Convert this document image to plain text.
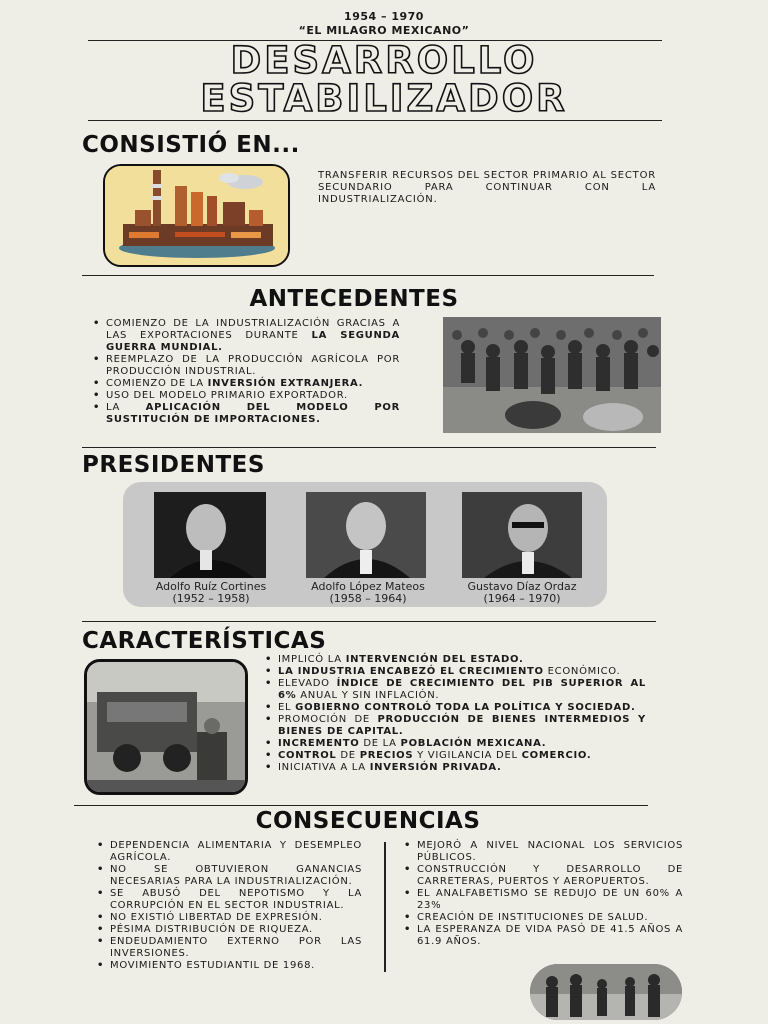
1954 – 1970
“EL MILAGRO MEXICANO”
DESARROLLO
ESTABILIZADOR
CONSISTIÓ EN...
TRANSFERIR RECURSOS DEL SECTOR PRIMARIO AL SECTOR SECUNDARIO PARA CONTINUAR CON LA INDUSTRIALIZACIÓN.
ANTECEDENTES
• COMIENZO DE LA INDUSTRIALIZACIÓN GRACIAS A LAS EXPORTACIONES DURANTE LA SEGUNDA GUERRA MUNDIAL.
• REEMPLAZO DE LA PRODUCCIÓN AGRÍCOLA POR PRODUCCIÓN INDUSTRIAL.
• COMIENZO DE LA INVERSIÓN EXTRANJERA.
• USO DEL MODELO PRIMARIO EXPORTADOR.
• LA APLICACIÓN DEL MODELO POR SUSTITUCIÓN DE IMPORTACIONES.
PRESIDENTES
Adolfo Ruíz Cortines
(1952 – 1958)
Adolfo López Mateos
(1958 – 1964)
Gustavo Díaz Ordaz
(1964 – 1970)
CARACTERÍSTICAS
• IMPLICÓ LA INTERVENCIÓN DEL ESTADO.
• LA INDUSTRIA ENCABEZÓ EL CRECIMIENTO ECONÓMICO.
• ELEVADO ÍNDICE DE CRECIMIENTO DEL PIB SUPERIOR AL 6% ANUAL Y SIN INFLACIÓN.
• EL GOBIERNO CONTROLÓ TODA LA POLÍTICA Y SOCIEDAD.
• PROMOCIÓN DE PRODUCCIÓN DE BIENES INTERMEDIOS Y BIENES DE CAPITAL.
• INCREMENTO DE LA POBLACIÓN MEXICANA.
• CONTROL DE PRECIOS Y VIGILANCIA DEL COMERCIO.
• INICIATIVA A LA INVERSIÓN PRIVADA.
CONSECUENCIAS
• DEPENDENCIA ALIMENTARIA Y DESEMPLEO AGRÍCOLA.
• NO SE OBTUVIERON GANANCIAS NECESARIAS PARA LA INDUSTRIALIZACIÓN.
• SE ABUSÓ DEL NEPOTISMO Y LA CORRUPCIÓN EN EL SECTOR INDUSTRIAL.
• NO EXISTIÓ LIBERTAD DE EXPRESIÓN.
• PÉSIMA DISTRIBUCIÓN DE RIQUEZA.
• ENDEUDAMIENTO EXTERNO POR LAS INVERSIONES.
• MOVIMIENTO ESTUDIANTIL DE 1968.
• MEJORÓ A NIVEL NACIONAL LOS SERVICIOS PÚBLICOS.
• CONSTRUCCIÓN Y DESARROLLO DE CARRETERAS, PUERTOS Y AEROPUERTOS.
• EL ANALFABETISMO SE REDUJO DE UN 60% A 23%
• CREACIÓN DE INSTITUCIONES DE SALUD.
• LA ESPERANZA DE VIDA PASÓ DE 41.5 AÑOS A 61.9 AÑOS.
